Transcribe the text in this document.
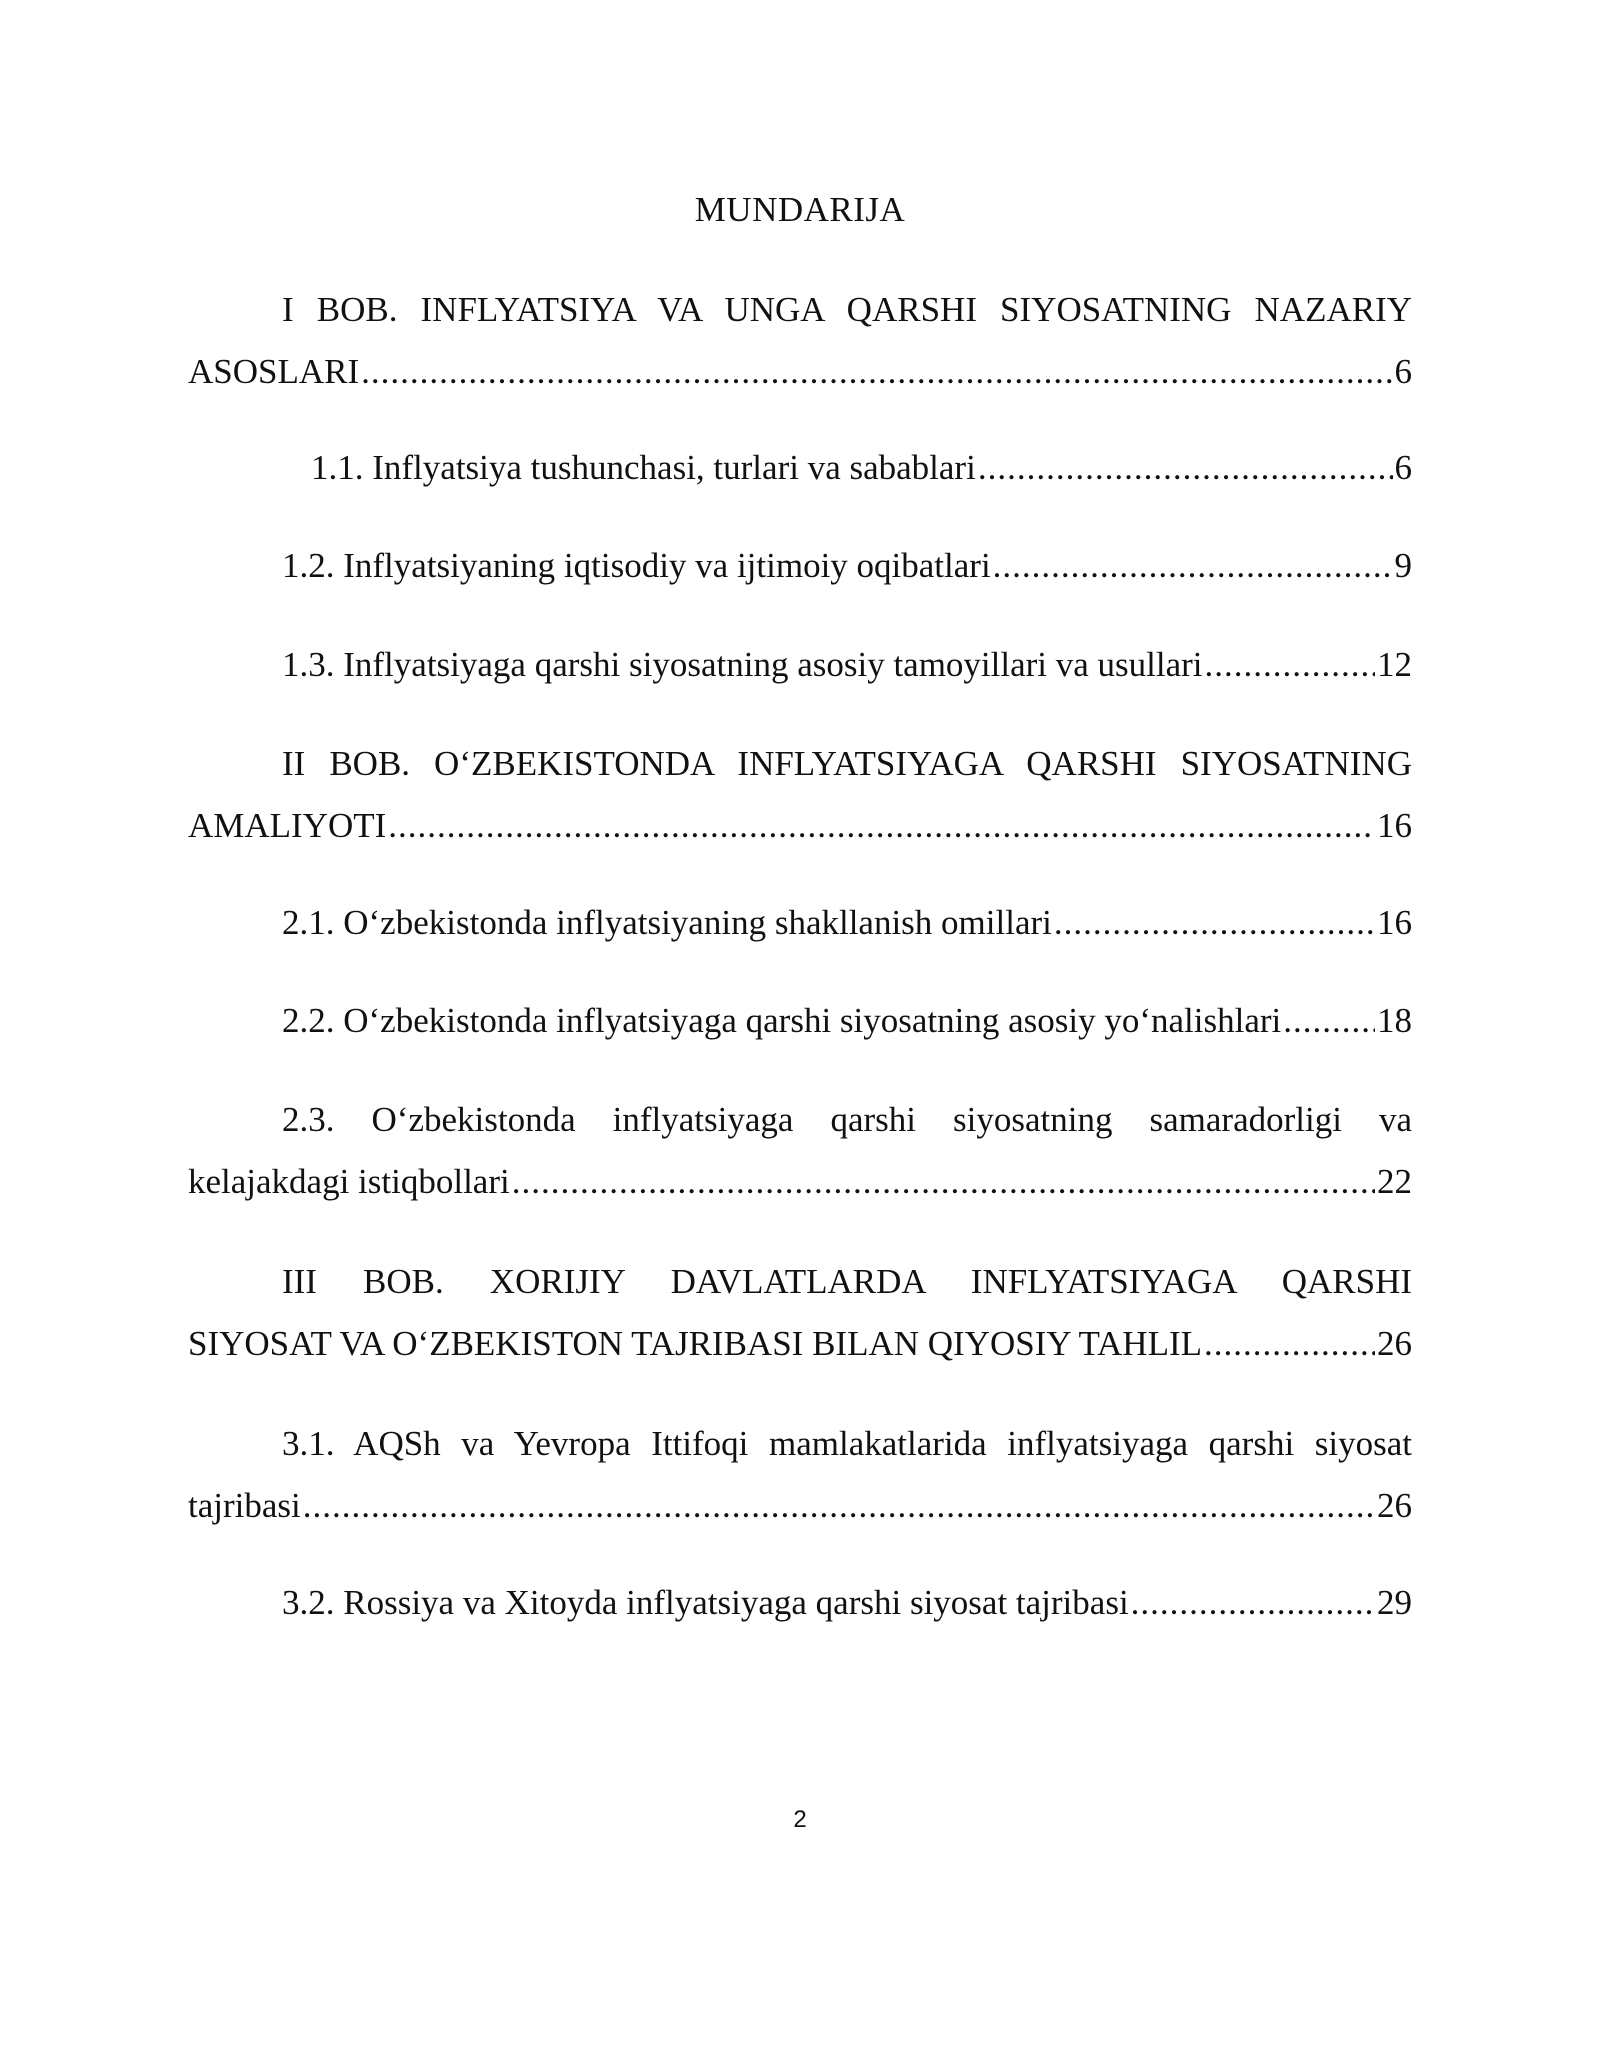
MUNDARIJA
I BOB. INFLYATSIYA VA UNGA QARSHI SIYOSATNING NAZARIY
ASOSLARI .....	6
1.1. Inflyatsiya tushunchasi, turlari va sabablari .....	6
1.2. Inflyatsiyaning iqtisodiy va ijtimoiy oqibatlari .....	9
1.3. Inflyatsiyaga qarshi siyosatning asosiy tamoyillari va usullari .....	12
II BOB. O‘ZBEKISTONDA INFLYATSIYAGA QARSHI SIYOSATNING
AMALIYOTI .....	16
2.1. O‘zbekistonda inflyatsiyaning shakllanish omillari .....	16
2.2. O‘zbekistonda inflyatsiyaga qarshi siyosatning asosiy yo‘nalishlari .....	18
2.3. O‘zbekistonda inflyatsiyaga qarshi siyosatning samaradorligi va
kelajakdagi istiqbollari .....	22
III BOB. XORIJIY DAVLATLARDA INFLYATSIYAGA QARSHI
SIYOSAT VA O‘ZBEKISTON TAJRIBASI BILAN QIYOSIY TAHLIL .....	26
3.1. AQSh va Yevropa Ittifoqi mamlakatlarida inflyatsiyaga qarshi siyosat
tajribasi .....	26
3.2. Rossiya va Xitoyda inflyatsiyaga qarshi siyosat tajribasi .....	29
2
